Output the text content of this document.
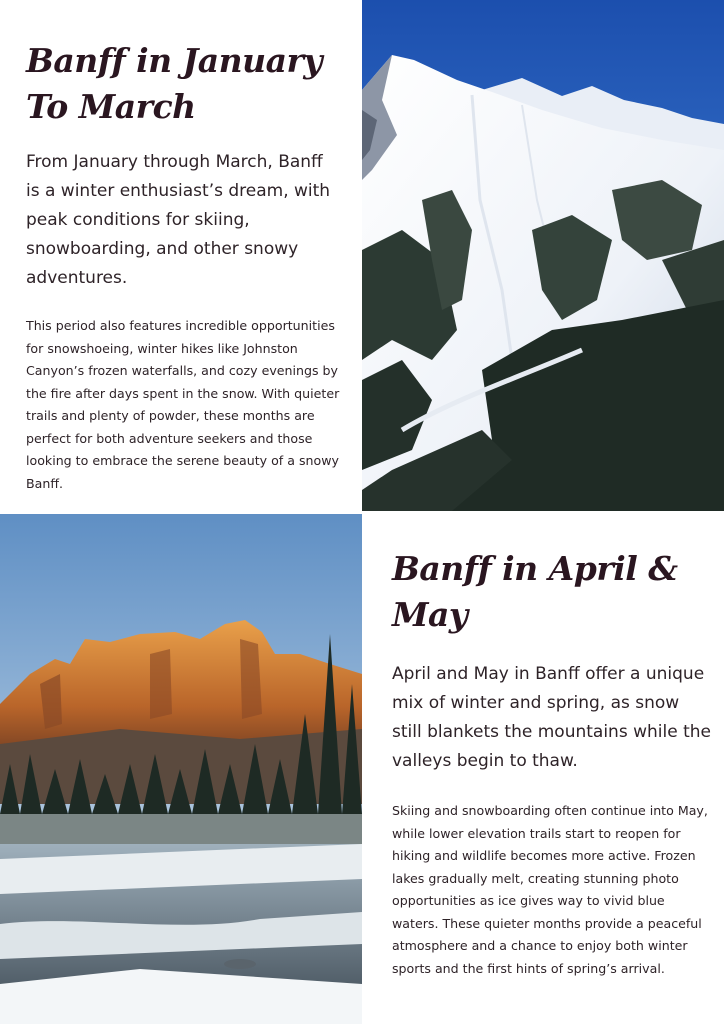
Banff in January To March

From January through March, Banff is a winter enthusiast’s dream, with peak conditions for skiing, snowboarding, and other snowy adventures.

This period also features incredible opportunities for snowshoeing, winter hikes like Johnston Canyon’s frozen waterfalls, and cozy evenings by the fire after days spent in the snow. With quieter trails and plenty of powder, these months are perfect for both adventure seekers and those looking to embrace the serene beauty of a snowy Banff.

Banff in April & May

April and May in Banff offer a unique mix of winter and spring, as snow still blankets the mountains while the valleys begin to thaw.

Skiing and snowboarding often continue into May, while lower elevation trails start to reopen for hiking and wildlife becomes more active. Frozen lakes gradually melt, creating stunning photo opportunities as ice gives way to vivid blue waters. These quieter months provide a peaceful atmosphere and a chance to enjoy both winter sports and the first hints of spring’s arrival.
